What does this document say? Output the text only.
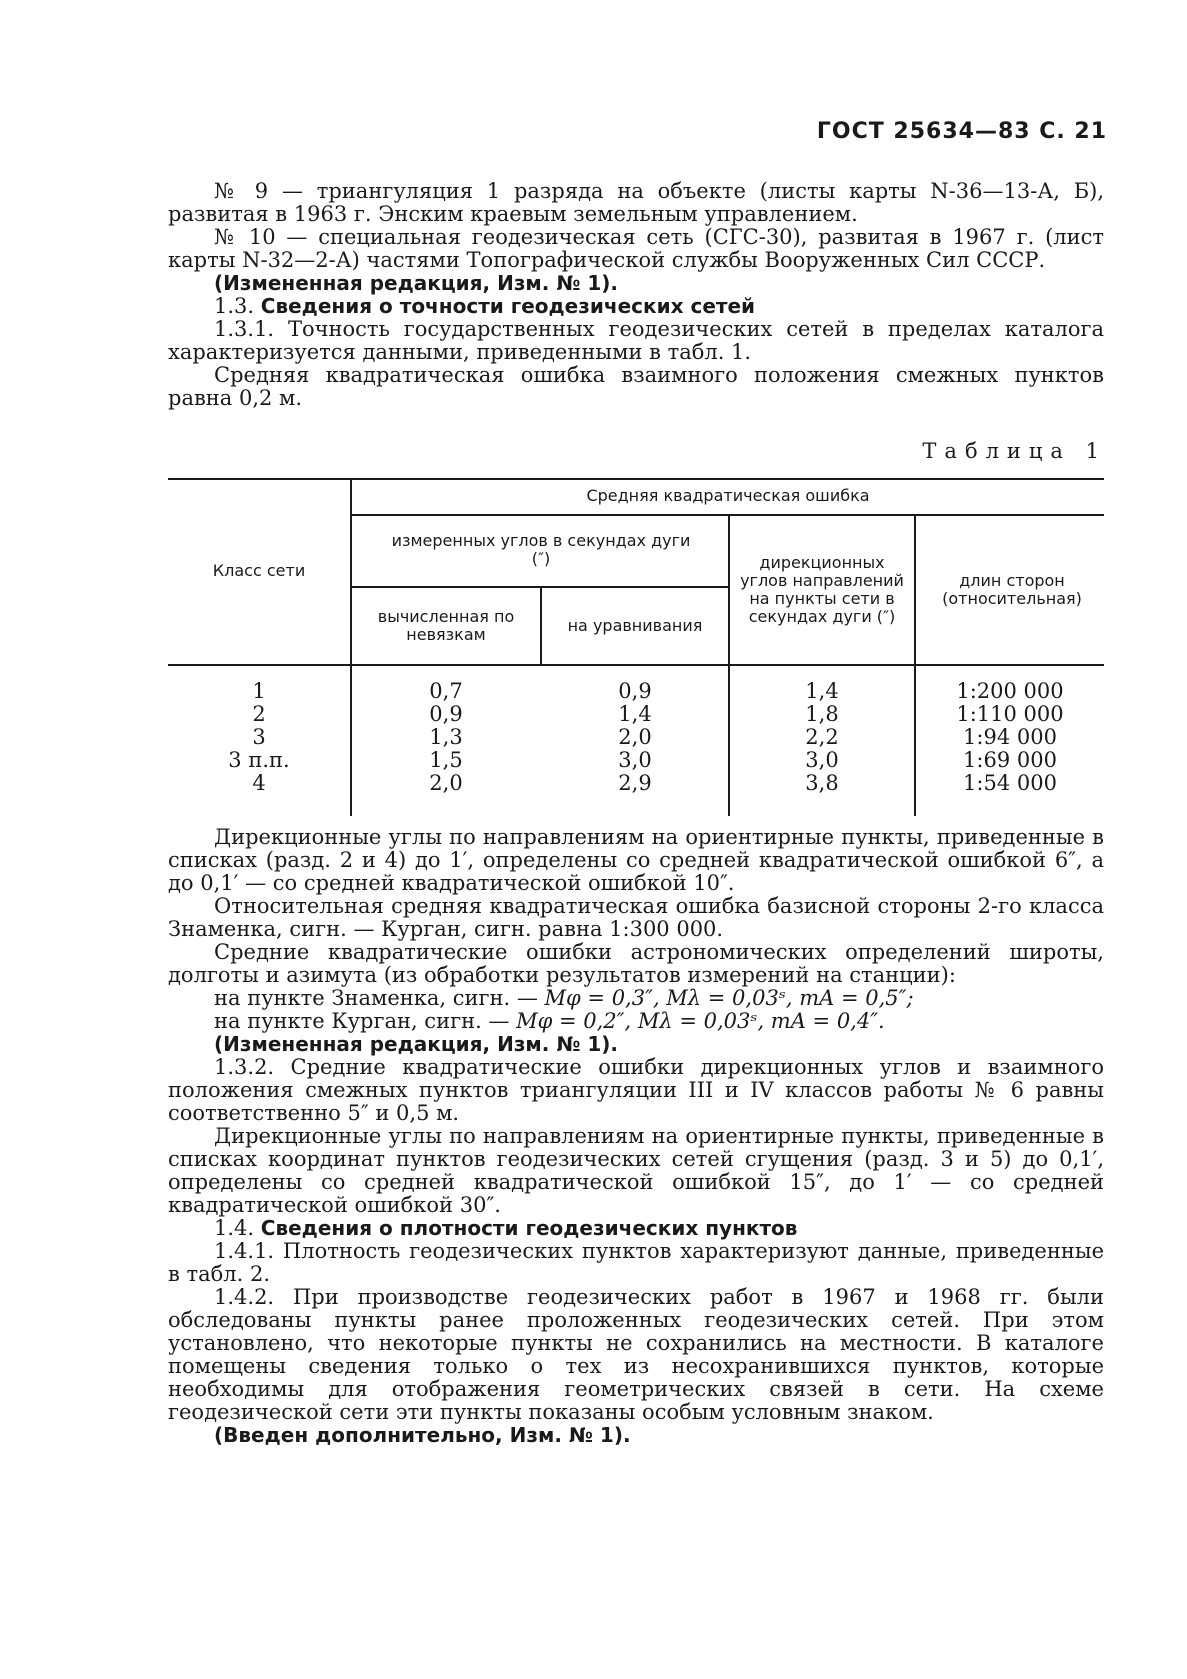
ГОСТ 25634—83 С. 21

№ 9 — триангуляция 1 разряда на объекте (листы карты N-36—13-А, Б), развитая в 1963 г. Энским краевым земельным управлением.

№ 10 — специальная геодезическая сеть (СГС-30), развитая в 1967 г. (лист карты N-32—2-А) частями Топографической службы Вооруженных Сил СССР.

(Измененная редакция, Изм. № 1).

1.3. Сведения о точности геодезических сетей

1.3.1. Точность государственных геодезических сетей в пределах каталога характеризуется данными, приведенными в табл. 1.

Средняя квадратическая ошибка взаимного положения смежных пунктов равна 0,2 м.

Таблица 1
Класс сети
Средняя квадратическая ошибка
измеренных углов в секундах дуги (″)
вычисленная по невязкам	на уравнивания
дирекционных углов направлений на пункты сети в секундах дуги (″)
длин сторон (относительная)
1	0,7	0,9	1,4	1:200 000
2	0,9	1,4	1,8	1:110 000
3	1,3	2,0	2,2	1:94 000
3 п.п.	1,5	3,0	3,0	1:69 000
4	2,0	2,9	3,8	1:54 000

Дирекционные углы по направлениям на ориентирные пункты, приведенные в списках (разд. 2 и 4) до 1′, определены со средней квадратической ошибкой 6″, а до 0,1′ — со средней квадратической ошибкой 10″.

Относительная средняя квадратическая ошибка базисной стороны 2-го класса Знаменка, сигн. — Курган, сигн. равна 1:300 000.

Средние квадратические ошибки астрономических определений широты, долготы и азимута (из обработки результатов измерений на станции):

на пункте Знаменка, сигн. — Mφ = 0,3″, Mλ = 0,03ˢ, mA = 0,5″;

на пункте Курган, сигн. — Mφ = 0,2″, Mλ = 0,03ˢ, mA = 0,4″.

(Измененная редакция, Изм. № 1).

1.3.2. Средние квадратические ошибки дирекционных углов и взаимного положения смежных пунктов триангуляции III и IV классов работы № 6 равны соответственно 5″ и 0,5 м.

Дирекционные углы по направлениям на ориентирные пункты, приведенные в списках координат пунктов геодезических сетей сгущения (разд. 3 и 5) до 0,1′, определены со средней квадратической ошибкой 15″, до 1′ — со средней квадратической ошибкой 30″.

1.4. Сведения о плотности геодезических пунктов

1.4.1. Плотность геодезических пунктов характеризуют данные, приведенные в табл. 2.

1.4.2. При производстве геодезических работ в 1967 и 1968 гг. были обследованы пункты ранее проложенных геодезических сетей. При этом установлено, что некоторые пункты не сохранились на местности. В каталоге помещены сведения только о тех из несохранившихся пунктов, которые необходимы для отображения геометрических связей в сети. На схеме геодезической сети эти пункты показаны особым условным знаком.

(Введен дополнительно, Изм. № 1).
